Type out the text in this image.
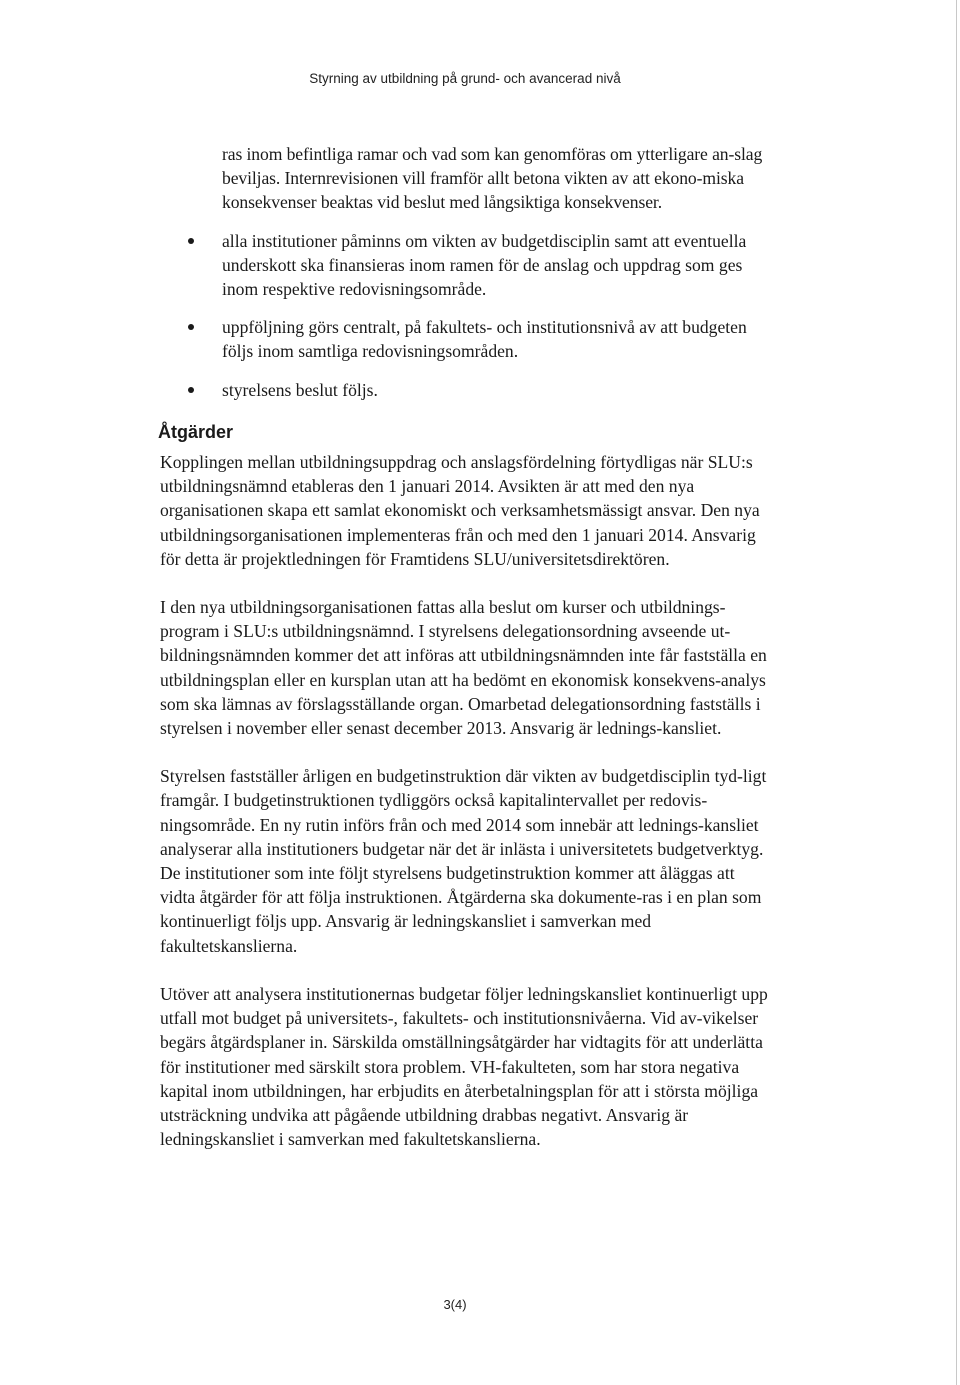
Styrning av utbildning på grund- och avancerad nivå

ras inom befintliga ramar och vad som kan genomföras om ytterligare an-slag beviljas. Internrevisionen vill framför allt betona vikten av att ekono-miska konsekvenser beaktas vid beslut med långsiktiga konsekvenser.

alla institutioner påminns om vikten av budgetdisciplin samt att eventuella underskott ska finansieras inom ramen för de anslag och uppdrag som ges inom respektive redovisningsområde.
uppföljning görs centralt, på fakultets- och institutionsnivå av att budgeten följs inom samtliga redovisningsområden.
styrelsens beslut följs.
Åtgärder

Kopplingen mellan utbildningsuppdrag och anslagsfördelning förtydligas när SLU:s utbildningsnämnd etableras den 1 januari 2014. Avsikten är att med den nya organisationen skapa ett samlat ekonomiskt och verksamhetsmässigt ansvar. Den nya utbildningsorganisationen implementeras från och med den 1 januari 2014. Ansvarig för detta är projektledningen för Framtidens SLU/universitetsdirektören.

I den nya utbildningsorganisationen fattas alla beslut om kurser och utbildnings-program i SLU:s utbildningsnämnd. I styrelsens delegationsordning avseende ut-bildningsnämnden kommer det att införas att utbildningsnämnden inte får fastställa en utbildningsplan eller en kursplan utan att ha bedömt en ekonomisk konsekvens-analys som ska lämnas av förslagsställande organ. Omarbetad delegationsordning fastställs i styrelsen i november eller senast december 2013. Ansvarig är lednings-kansliet.

Styrelsen fastställer årligen en budgetinstruktion där vikten av budgetdisciplin tyd-ligt framgår. I budgetinstruktionen tydliggörs också kapitalintervallet per redovis-ningsområde. En ny rutin införs från och med 2014 som innebär att lednings-kansliet analyserar alla institutioners budgetar när det är inlästa i universitetets budgetverktyg. De institutioner som inte följt styrelsens budgetinstruktion kommer att åläggas att vidta åtgärder för att följa instruktionen. Åtgärderna ska dokumente-ras i en plan som kontinuerligt följs upp. Ansvarig är ledningskansliet i samverkan med fakultetskanslierna.

Utöver att analysera institutionernas budgetar följer ledningskansliet kontinuerligt upp utfall mot budget på universitets-, fakultets- och institutionsnivåerna. Vid av-vikelser begärs åtgärdsplaner in. Särskilda omställningsåtgärder har vidtagits för att underlätta för institutioner med särskilt stora problem. VH-fakulteten, som har stora negativa kapital inom utbildningen, har erbjudits en återbetalningsplan för att i största möjliga utsträckning undvika att pågående utbildning drabbas negativt. Ansvarig är ledningskansliet i samverkan med fakultetskanslierna.

3(4)
